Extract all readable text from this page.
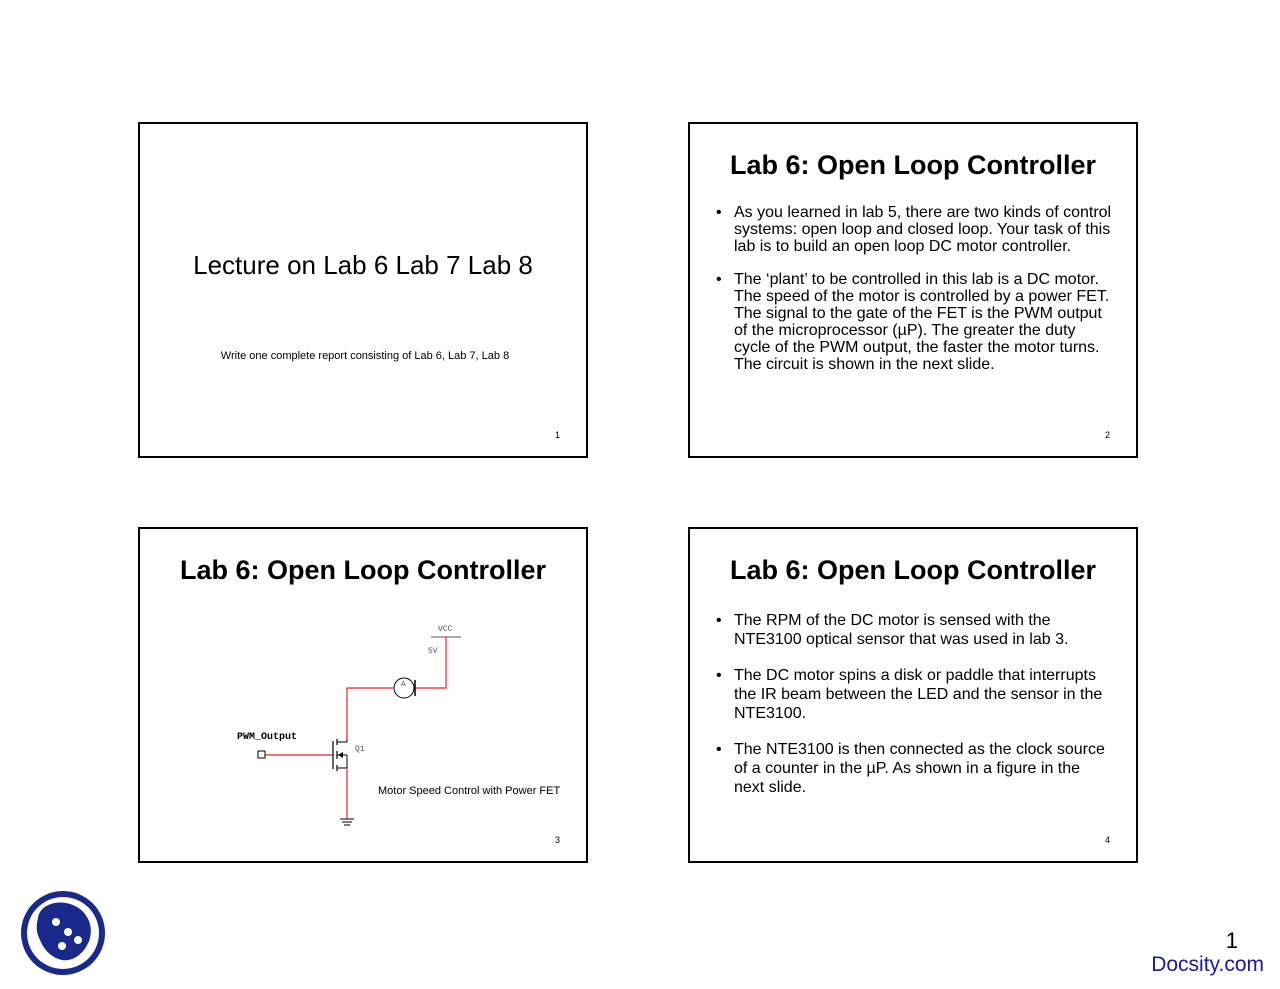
Lecture on Lab 6 Lab 7 Lab 8
Write one complete report consisting of Lab 6, Lab 7, Lab 8
1
Lab 6: Open Loop Controller
• As you learned in lab 5, there are two kinds of control systems: open loop and closed loop. Your task of this lab is to build an open loop DC motor controller.
• The ‘plant’ to be controlled in this lab is a DC motor. The speed of the motor is controlled by a power FET. The signal to the gate of the FET is the PWM output of the microprocessor (µP). The greater the duty cycle of the PWM output, the faster the motor turns. The circuit is shown in the next slide.
2
Lab 6: Open Loop Controller
VCC
5V
A
PWM_Output
Q1
Motor Speed Control with Power FET
3
Lab 6: Open Loop Controller
• The RPM of the DC motor is sensed with the NTE3100 optical sensor that was used in lab 3.
• The DC motor spins a disk or paddle that interrupts the IR beam between the LED and the sensor in the NTE3100.
• The NTE3100 is then connected as the clock source of a counter in the µP. As shown in a figure in the next slide.
4
1
Docsity.com
